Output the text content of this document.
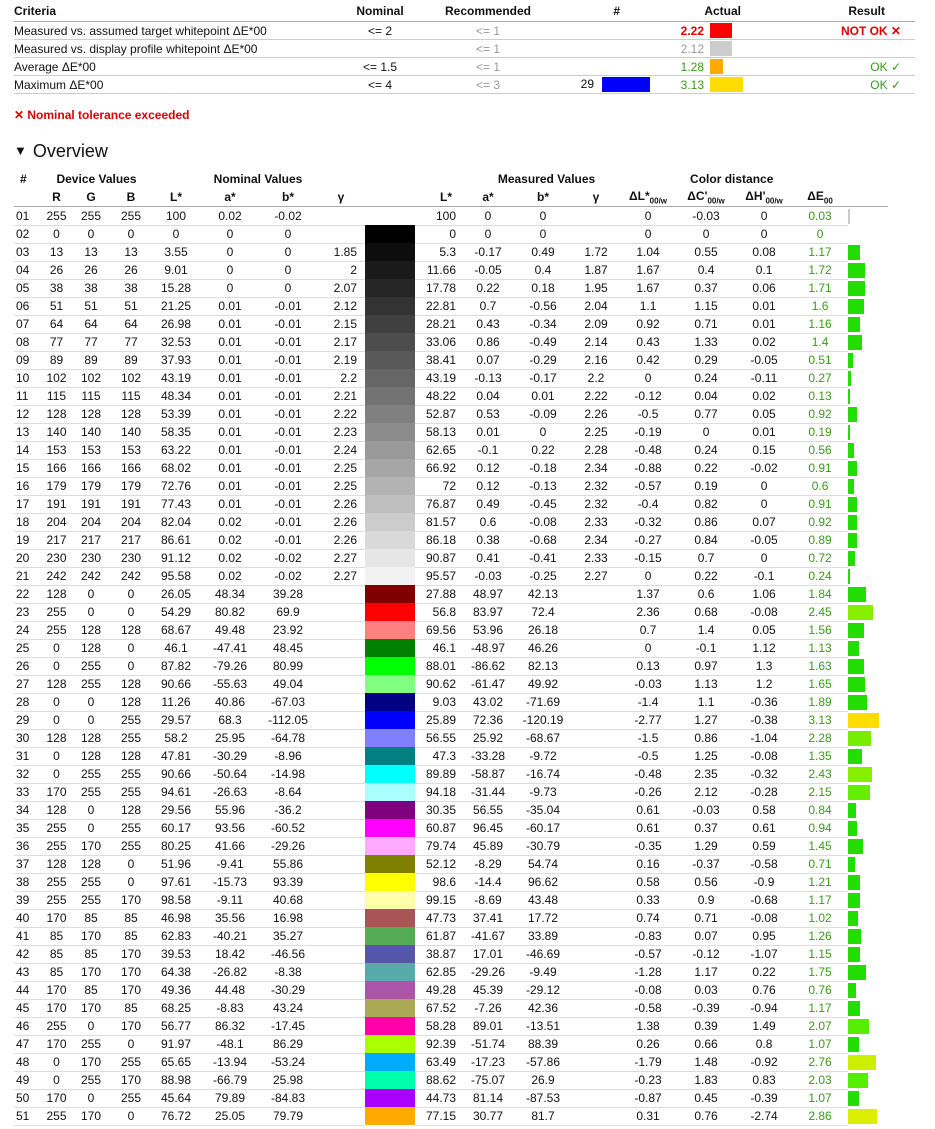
Criteria	Nominal	Recommended	#	Actual		Result
Measured vs. assumed target whitepoint ΔE*00	<= 2	<= 1		2.22		NOT OK ✕
Measured vs. display profile whitepoint ΔE*00		<= 1		2.12		
Average ΔE*00	<= 1.5	<= 1		1.28		OK ✓
Maximum ΔE*00	<= 4	<= 3	29	3.13		OK ✓
✕ Nominal tolerance exceeded
▼ Overview
#	Device Values			Nominal Values					Measured Values				Color distance					
	R	G	B	L*	a*	b*	γ		L*	a*	b*	γ	$\Delta L*_{00/w}$	$\Delta C'_{00/w}$	$\Delta H'_{00/w}$	$\Delta E_{00}$	
01	255	255	255	100	0.02	-0.02			100	0	0		0	-0.03	0	0.03		

02	0	0	0	0	0	0			0	0	0		0	0	0	0		

03	13	13	13	3.55	0	0	1.85		5.3	-0.17	0.49	1.72	1.04	0.55	0.08	1.17		

04	26	26	26	9.01	0	0	2		11.66	-0.05	0.4	1.87	1.67	0.4	0.1	1.72		

05	38	38	38	15.28	0	0	2.07		17.78	0.22	0.18	1.95	1.67	0.37	0.06	1.71		

06	51	51	51	21.25	0.01	-0.01	2.12		22.81	0.7	-0.56	2.04	1.1	1.15	0.01	1.6		

07	64	64	64	26.98	0.01	-0.01	2.15		28.21	0.43	-0.34	2.09	0.92	0.71	0.01	1.16		

08	77	77	77	32.53	0.01	-0.01	2.17		33.06	0.86	-0.49	2.14	0.43	1.33	0.02	1.4		

09	89	89	89	37.93	0.01	-0.01	2.19		38.41	0.07	-0.29	2.16	0.42	0.29	-0.05	0.51		

10	102	102	102	43.19	0.01	-0.01	2.2		43.19	-0.13	-0.17	2.2	0	0.24	-0.11	0.27		

11	115	115	115	48.34	0.01	-0.01	2.21		48.22	0.04	0.01	2.22	-0.12	0.04	0.02	0.13		

12	128	128	128	53.39	0.01	-0.01	2.22		52.87	0.53	-0.09	2.26	-0.5	0.77	0.05	0.92		

13	140	140	140	58.35	0.01	-0.01	2.23		58.13	0.01	0	2.25	-0.19	0	0.01	0.19		

14	153	153	153	63.22	0.01	-0.01	2.24		62.65	-0.1	0.22	2.28	-0.48	0.24	0.15	0.56		

15	166	166	166	68.02	0.01	-0.01	2.25		66.92	0.12	-0.18	2.34	-0.88	0.22	-0.02	0.91		

16	179	179	179	72.76	0.01	-0.01	2.25		72	0.12	-0.13	2.32	-0.57	0.19	0	0.6		

17	191	191	191	77.43	0.01	-0.01	2.26		76.87	0.49	-0.45	2.32	-0.4	0.82	0	0.91		

18	204	204	204	82.04	0.02	-0.01	2.26		81.57	0.6	-0.08	2.33	-0.32	0.86	0.07	0.92		

19	217	217	217	86.61	0.02	-0.01	2.26		86.18	0.38	-0.68	2.34	-0.27	0.84	-0.05	0.89		

20	230	230	230	91.12	0.02	-0.02	2.27		90.87	0.41	-0.41	2.33	-0.15	0.7	0	0.72		

21	242	242	242	95.58	0.02	-0.02	2.27		95.57	-0.03	-0.25	2.27	0	0.22	-0.1	0.24		

22	128	0	0	26.05	48.34	39.28			27.88	48.97	42.13		1.37	0.6	1.06	1.84		

23	255	0	0	54.29	80.82	69.9			56.8	83.97	72.4		2.36	0.68	-0.08	2.45		

24	255	128	128	68.67	49.48	23.92			69.56	53.96	26.18		0.7	1.4	0.05	1.56		

25	0	128	0	46.1	-47.41	48.45			46.1	-48.97	46.26		0	-0.1	1.12	1.13		

26	0	255	0	87.82	-79.26	80.99			88.01	-86.62	82.13		0.13	0.97	1.3	1.63		

27	128	255	128	90.66	-55.63	49.04			90.62	-61.47	49.92		-0.03	1.13	1.2	1.65		

28	0	0	128	11.26	40.86	-67.03			9.03	43.02	-71.69		-1.4	1.1	-0.36	1.89		

29	0	0	255	29.57	68.3	-112.05			25.89	72.36	-120.19		-2.77	1.27	-0.38	3.13		

30	128	128	255	58.2	25.95	-64.78			56.55	25.92	-68.67		-1.5	0.86	-1.04	2.28		

31	0	128	128	47.81	-30.29	-8.96			47.3	-33.28	-9.72		-0.5	1.25	-0.08	1.35		

32	0	255	255	90.66	-50.64	-14.98			89.89	-58.87	-16.74		-0.48	2.35	-0.32	2.43		

33	170	255	255	94.61	-26.63	-8.64			94.18	-31.44	-9.73		-0.26	2.12	-0.28	2.15		

34	128	0	128	29.56	55.96	-36.2			30.35	56.55	-35.04		0.61	-0.03	0.58	0.84		

35	255	0	255	60.17	93.56	-60.52			60.87	96.45	-60.17		0.61	0.37	0.61	0.94		

36	255	170	255	80.25	41.66	-29.26			79.74	45.89	-30.79		-0.35	1.29	0.59	1.45		

37	128	128	0	51.96	-9.41	55.86			52.12	-8.29	54.74		0.16	-0.37	-0.58	0.71		

38	255	255	0	97.61	-15.73	93.39			98.6	-14.4	96.62		0.58	0.56	-0.9	1.21		

39	255	255	170	98.58	-9.11	40.68			99.15	-8.69	43.48		0.33	0.9	-0.68	1.17		

40	170	85	85	46.98	35.56	16.98			47.73	37.41	17.72		0.74	0.71	-0.08	1.02		

41	85	170	85	62.83	-40.21	35.27			61.87	-41.67	33.89		-0.83	0.07	0.95	1.26		

42	85	85	170	39.53	18.42	-46.56			38.87	17.01	-46.69		-0.57	-0.12	-1.07	1.15		

43	85	170	170	64.38	-26.82	-8.38			62.85	-29.26	-9.49		-1.28	1.17	0.22	1.75		

44	170	85	170	49.36	44.48	-30.29			49.28	45.39	-29.12		-0.08	0.03	0.76	0.76		

45	170	170	85	68.25	-8.83	43.24			67.52	-7.26	42.36		-0.58	-0.39	-0.94	1.17		

46	255	0	170	56.77	86.32	-17.45			58.28	89.01	-13.51		1.38	0.39	1.49	2.07		

47	170	255	0	91.97	-48.1	86.29			92.39	-51.74	88.39		0.26	0.66	0.8	1.07		

48	0	170	255	65.65	-13.94	-53.24			63.49	-17.23	-57.86		-1.79	1.48	-0.92	2.76		

49	0	255	170	88.98	-66.79	25.98			88.62	-75.07	26.9		-0.23	1.83	0.83	2.03		

50	170	0	255	45.64	79.89	-84.83			44.73	81.14	-87.53		-0.87	0.45	-0.39	1.07		

51	255	170	0	76.72	25.05	79.79			77.15	30.77	81.7		0.31	0.76	-2.74	2.86		
